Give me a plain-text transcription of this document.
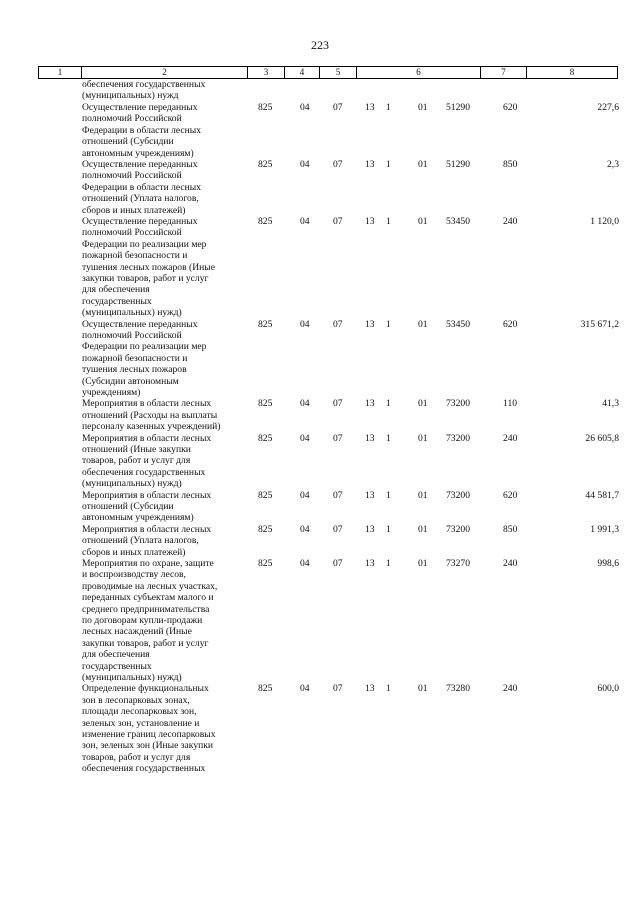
223
1	2	3	4	5	6	7	8
обеспечения государственных
(муниципальных) нужд
Осуществление переданных
полномочий Российской
Федерации в области лесных
отношений (Субсидии
автономным учреждениям)
825	04 07 13 1	01 51290	620	227,6
Осуществление переданных
полномочий Российской
Федерации в области лесных
отношений (Уплата налогов,
сборов и иных платежей)
825	04 07 13 1	01 51290	850	2,3
Осуществление переданных
полномочий Российской
Федерации по реализации мер
пожарной безопасности и
тушения лесных пожаров (Иные
закупки товаров, работ и услуг
для обеспечения
государственных
(муниципальных) нужд)
825	04 07 13 1	01 53450	240	1 120,0
Осуществление переданных
полномочий Российской
Федерации по реализации мер
пожарной безопасности и
тушения лесных пожаров
(Субсидии автономным
учреждениям)
825	04 07 13 1	01 53450	620	315 671,2
Мероприятия в области лесных
отношений (Расходы на выплаты
персоналу казенных учреждений)
825	04 07 13 1	01 73200	110	41,3
Мероприятия в области лесных
отношений (Иные закупки
товаров, работ и услуг для
обеспечения государственных
(муниципальных) нужд)
825	04 07 13 1	01 73200	240	26 605,8
Мероприятия в области лесных
отношений (Субсидии
автономным учреждениям)
825	04 07 13 1	01 73200	620	44 581,7
Мероприятия в области лесных
отношений (Уплата налогов,
сборов и иных платежей)
825	04 07 13 1	01 73200	850	1 991,3
Мероприятия по охране, защите
и воспроизводству лесов,
проводимые на лесных участках,
переданных субъектам малого и
среднего предпринимательства
по договорам купли-продажи
лесных насаждений (Иные
закупки товаров, работ и услуг
для обеспечения
государственных
(муниципальных) нужд)
825	04 07 13 1	01 73270	240	998,6
Определение функциональных
зон в лесопарковых зонах,
площади лесопарковых зон,
зеленых зон, установление и
изменение границ лесопарковых
зон, зеленых зон (Иные закупки
товаров, работ и услуг для
обеспечения государственных
825	04 07 13 1	01 73280	240	600,0
